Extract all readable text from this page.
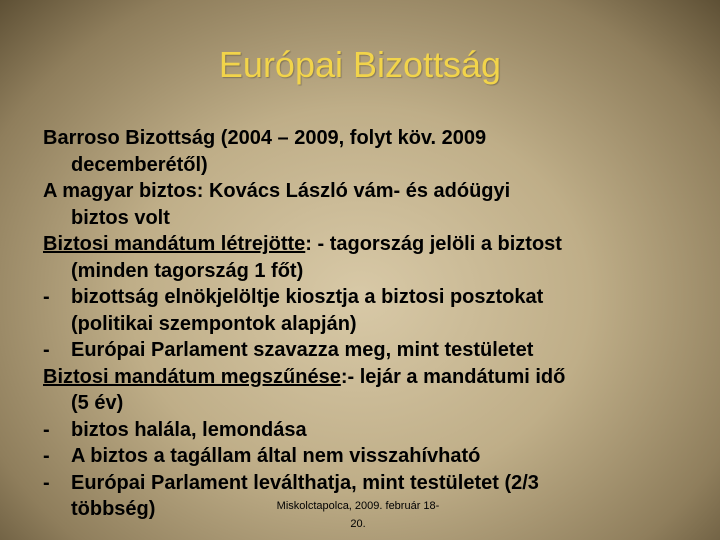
Európai Bizottság

Barroso Bizottság (2004 – 2009, folyt köv. 2009
decemberétől)

A magyar biztos: Kovács László vám- és adóügyi
biztos volt

Biztosi mandátum létrejötte: - tagország jelöli a biztost
(minden tagország 1 főt)

- bizottság elnökjelöltje kiosztja a biztosi posztokat
(politikai szempontok alapján)

- Európai Parlament szavazza meg, mint testületet

Biztosi mandátum megszűnése:- lejár a mandátumi idő
(5 év)

- biztos halála, lemondása

- A biztos a tagállam által nem visszahívható

- Európai Parlament leválthatja, mint testületet (2/3
többség)	Miskolctapolca, 2009. február 18-
20.
